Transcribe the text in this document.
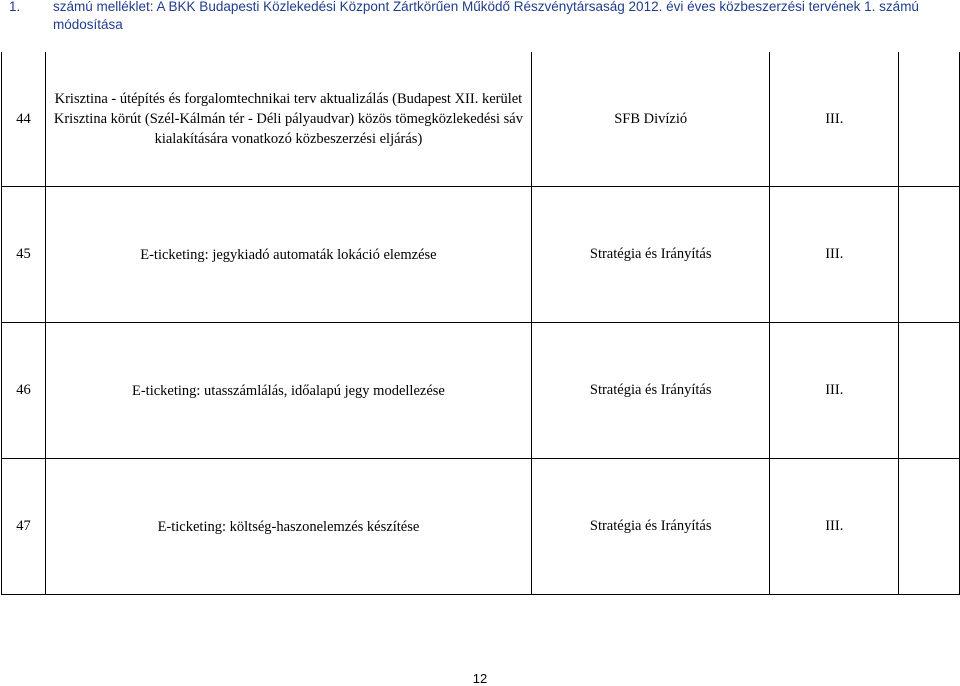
1. számú melléklet: A BKK Budapesti Közlekedési Központ Zártkörűen Működő Részvénytársaság 2012. évi éves közbeszerzési tervének 1. számú
módosítása
44	Krisztina - útépítés és forgalomtechnikai terv aktualizálás (Budapest XII. kerület Krisztina körút (Szél-Kálmán tér - Déli pályaudvar) közös tömegközlekedési sáv kialakítására vonatkozó közbeszerzési eljárás)	SFB Divízió	III.	
45	E-ticketing: jegykiadó automaták lokáció elemzése	Stratégia és Irányítás	III.	
46	E-ticketing: utasszámlálás, időalapú jegy modellezése	Stratégia és Irányítás	III.	
47	E-ticketing: költség-haszonelemzés készítése	Stratégia és Irányítás	III.	
12
